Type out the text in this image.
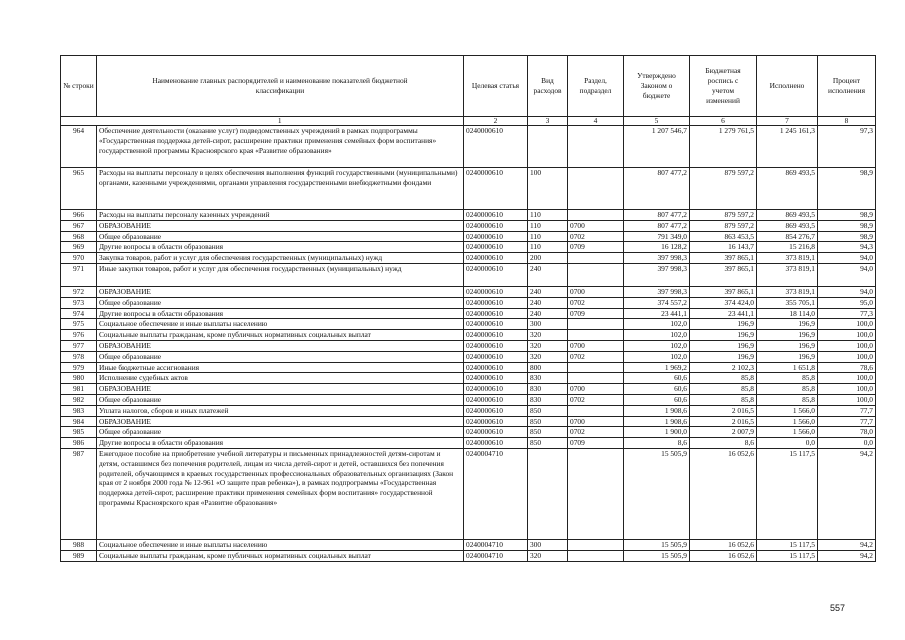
№ строки	Наименование главных распорядителей и наименование показателей бюджетной классификации	Целевая статья	Вид расходов	Раздел, подраздел	Утверждено Законом о бюджете	Бюджетная роспись с учетом изменений	Исполнено	Процент исполнения
	1	2	3	4	5	6	7	8
964	Обеспечение деятельности (оказание услуг) подведомственных учреждений в рамках подпрограммы «Государственная поддержка детей-сирот, расширение практики применения семейных форм воспитания» государственной программы Красноярского края «Развитие образования»	0240000610			1 207 546,7	1 279 761,5	1 245 161,3	97,3
965	Расходы на выплаты персоналу в целях обеспечения выполнения функций государственными (муниципальными) органами, казенными учреждениями, органами управления государственными внебюджетными фондами	0240000610	100		807 477,2	879 597,2	869 493,5	98,9
966	Расходы на выплаты персоналу казенных учреждений	0240000610	110		807 477,2	879 597,2	869 493,5	98,9
967	ОБРАЗОВАНИЕ	0240000610	110	0700	807 477,2	879 597,2	869 493,5	98,9
968	Общее образование	0240000610	110	0702	791 349,0	863 453,5	854 276,7	98,9
969	Другие вопросы в области образования	0240000610	110	0709	16 128,2	16 143,7	15 216,8	94,3
970	Закупка товаров, работ и услуг для обеспечения государственных (муниципальных) нужд	0240000610	200		397 998,3	397 865,1	373 819,1	94,0
971	Иные закупки товаров, работ и услуг для обеспечения государственных (муниципальных) нужд	0240000610	240		397 998,3	397 865,1	373 819,1	94,0
972	ОБРАЗОВАНИЕ	0240000610	240	0700	397 998,3	397 865,1	373 819,1	94,0
973	Общее образование	0240000610	240	0702	374 557,2	374 424,0	355 705,1	95,0
974	Другие вопросы в области образования	0240000610	240	0709	23 441,1	23 441,1	18 114,0	77,3
975	Социальное обеспечение и иные выплаты населению	0240000610	300		102,0	196,9	196,9	100,0
976	Социальные выплаты гражданам, кроме публичных нормативных социальных выплат	0240000610	320		102,0	196,9	196,9	100,0
977	ОБРАЗОВАНИЕ	0240000610	320	0700	102,0	196,9	196,9	100,0
978	Общее образование	0240000610	320	0702	102,0	196,9	196,9	100,0
979	Иные бюджетные ассигнования	0240000610	800		1 969,2	2 102,3	1 651,8	78,6
980	Исполнение судебных актов	0240000610	830		60,6	85,8	85,8	100,0
981	ОБРАЗОВАНИЕ	0240000610	830	0700	60,6	85,8	85,8	100,0
982	Общее образование	0240000610	830	0702	60,6	85,8	85,8	100,0
983	Уплата налогов, сборов и иных платежей	0240000610	850		1 908,6	2 016,5	1 566,0	77,7
984	ОБРАЗОВАНИЕ	0240000610	850	0700	1 908,6	2 016,5	1 566,0	77,7
985	Общее образование	0240000610	850	0702	1 900,0	2 007,9	1 566,0	78,0
986	Другие вопросы в области образования	0240000610	850	0709	8,6	8,6	0,0	0,0
987	Ежегодное пособие на приобретение учебной литературы и письменных принадлежностей детям-сиротам и детям, оставшимся без попечения родителей, лицам из числа детей-сирот и детей, оставшихся без попечения родителей, обучающимся в краевых государственных профессиональных образовательных организациях (Закон края от 2 ноября 2000 года № 12-961 «О защите прав ребенка»), в рамках подпрограммы «Государственная поддержка детей-сирот, расширение практики применения семейных форм воспитания» государственной программы Красноярского края «Развитие образования»	0240004710			15 505,9	16 052,6	15 117,5	94,2
988	Социальное обеспечение и иные выплаты населению	0240004710	300		15 505,9	16 052,6	15 117,5	94,2
989	Социальные выплаты гражданам, кроме публичных нормативных социальных выплат	0240004710	320		15 505,9	16 052,6	15 117,5	94,2
557
